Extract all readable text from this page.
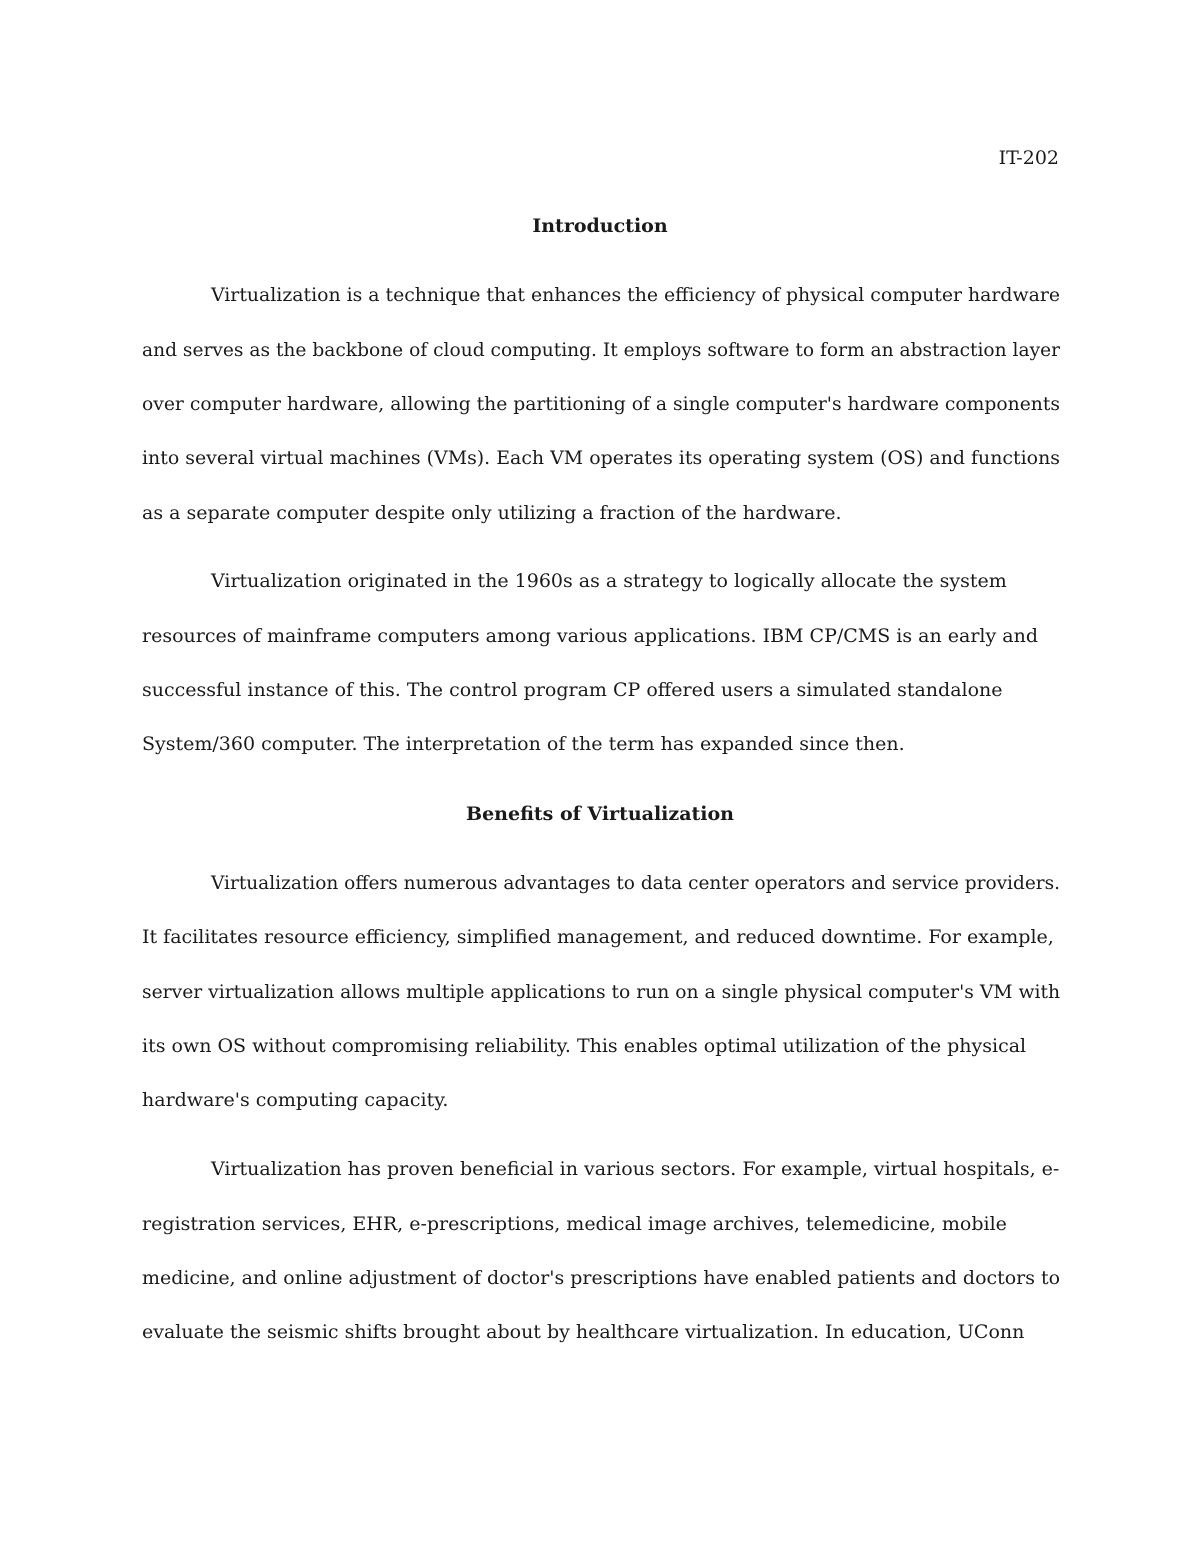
IT-202
Introduction
Virtualization is a technique that enhances the efficiency of physical computer hardware
and serves as the backbone of cloud computing. It employs software to form an abstraction layer
over computer hardware, allowing the partitioning of a single computer's hardware components
into several virtual machines (VMs). Each VM operates its operating system (OS) and functions
as a separate computer despite only utilizing a fraction of the hardware.
Virtualization originated in the 1960s as a strategy to logically allocate the system
resources of mainframe computers among various applications. IBM CP/CMS is an early and
successful instance of this. The control program CP offered users a simulated standalone
System/360 computer. The interpretation of the term has expanded since then.
Benefits of Virtualization
Virtualization offers numerous advantages to data center operators and service providers.
It facilitates resource efficiency, simplified management, and reduced downtime. For example,
server virtualization allows multiple applications to run on a single physical computer's VM with
its own OS without compromising reliability. This enables optimal utilization of the physical
hardware's computing capacity.
Virtualization has proven beneficial in various sectors. For example, virtual hospitals, e-
registration services, EHR, e-prescriptions, medical image archives, telemedicine, mobile
medicine, and online adjustment of doctor's prescriptions have enabled patients and doctors to
evaluate the seismic shifts brought about by healthcare virtualization. In education, UConn
